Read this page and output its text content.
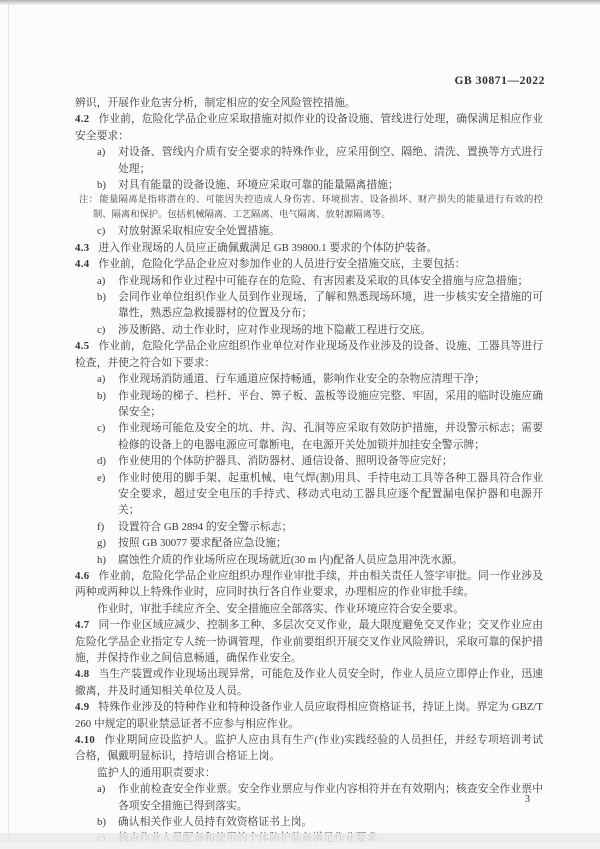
GB 30871—2022
辨识，开展作业危害分析，制定相应的安全风险管控措施。
4.2 作业前，危险化学品企业应采取措施对拟作业的设备设施、管线进行处理，确保满足相应作业安全要求：
a) 对设备、管线内介质有安全要求的特殊作业，应采用倒空、隔绝、清洗、置换等方式进行处理；
b) 对具有能量的设备设施、环境应采取可靠的能量隔离措施；
注：能量隔离是指将潜在的、可能因失控造成人身伤害、环境损害、设备损坏、财产损失的能量进行有效的控制、隔离和保护。包括机械隔离、工艺隔离、电气隔离、放射源隔离等。
c) 对放射源采取相应安全处置措施。
4.3 进入作业现场的人员应正确佩戴满足 GB 39800.1 要求的个体防护装备。
4.4 作业前，危险化学品企业应对参加作业的人员进行安全措施交底，主要包括：
a) 作业现场和作业过程中可能存在的危险、有害因素及采取的具体安全措施与应急措施；
b) 会同作业单位组织作业人员到作业现场，了解和熟悉现场环境，进一步核实安全措施的可靠性，熟悉应急救援器材的位置及分布；
c) 涉及断路、动土作业时，应对作业现场的地下隐蔽工程进行交底。
4.5 作业前，危险化学品企业应组织作业单位对作业现场及作业涉及的设备、设施、工器具等进行检查，并使之符合如下要求：
a) 作业现场消防通道、行车通道应保持畅通，影响作业安全的杂物应清理干净；
b) 作业现场的梯子、栏杆、平台、箅子板、盖板等设施应完整、牢固，采用的临时设施应确保安全；
c) 作业现场可能危及安全的坑、井、沟、孔洞等应采取有效防护措施，并设警示标志；需要检修的设备上的电器电源应可靠断电，在电源开关处加锁并加挂安全警示牌；
d) 作业使用的个体防护器具、消防器材、通信设备、照明设备等应完好；
e) 作业时使用的脚手架、起重机械、电气焊(割)用具、手持电动工具等各种工器具符合作业安全要求，超过安全电压的手持式、移动式电动工器具应逐个配置漏电保护器和电源开关；
f) 设置符合 GB 2894 的安全警示标志；
g) 按照 GB 30077 要求配备应急设施；
h) 腐蚀性介质的作业场所应在现场就近(30 m 内)配备人员应急用冲洗水源。
4.6 作业前，危险化学品企业应组织办理作业审批手续，并由相关责任人签字审批。同一作业涉及两种或两种以上特殊作业时，应同时执行各自作业要求，办理相应的作业审批手续。
作业时，审批手续应齐全、安全措施应全部落实、作业环境应符合安全要求。
4.7 同一作业区域应减少、控制多工种、多层次交叉作业，最大限度避免交叉作业；交叉作业应由危险化学品企业指定专人统一协调管理，作业前要组织开展交叉作业风险辨识，采取可靠的保护措施，并保持作业之间信息畅通，确保作业安全。
4.8 当生产装置或作业现场出现异常，可能危及作业人员安全时，作业人员应立即停止作业，迅速撤离，并及时通知相关单位及人员。
4.9 特殊作业涉及的特种作业和特种设备作业人员应取得相应资格证书，持证上岗。界定为 GBZ/T 260 中规定的职业禁忌证者不应参与相应作业。
4.10 作业期间应设监护人。监护人应由具有生产(作业)实践经验的人员担任，并经专项培训考试合格，佩戴明显标识，持培训合格证上岗。
监护人的通用职责要求：
a) 作业前检查安全作业票。安全作业票应与作业内容相符并在有效期内；核查安全作业票中各项安全措施已得到落实。
b) 确认相关作业人员持有效资格证书上岗。
3
